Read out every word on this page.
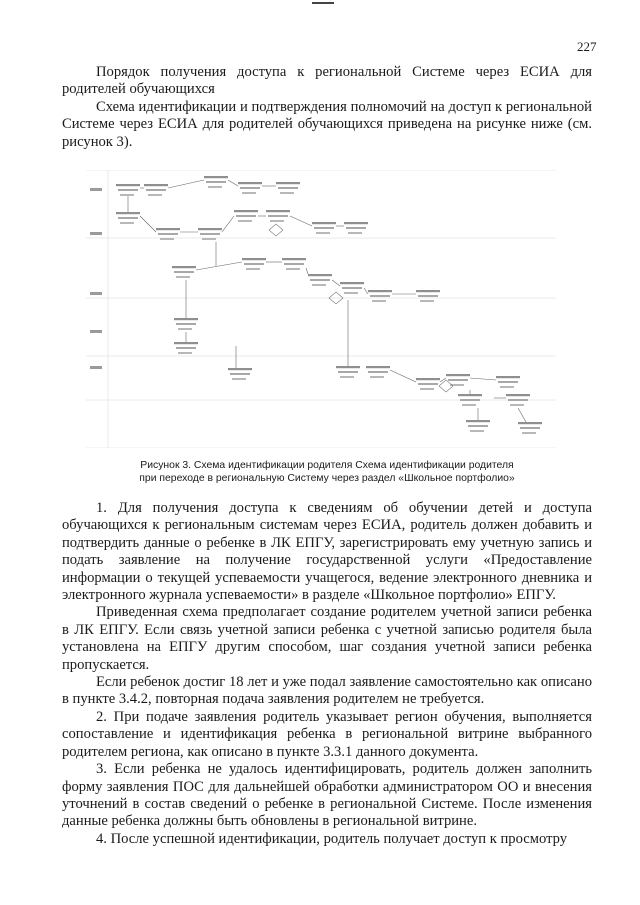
227

Порядок получения доступа к региональной Системе через ЕСИА для родителей обучающихся

Схема идентификации и подтверждения полномочий на доступ к региональной Системе через ЕСИА для родителей обучающихся приведена на рисунке ниже (см. рисунок 3).

Рисунок 3. Схема идентификации родителя Схема идентификации родителя
при переходе в региональную Систему через раздел «Школьное портфолио»

1. Для получения доступа к сведениям об обучении детей и доступа обучающихся к региональным системам через ЕСИА, родитель должен добавить и подтвердить данные о ребенке в ЛК ЕПГУ, зарегистрировать ему учетную запись и подать заявление на получение государственной услуги «Предоставление информации о текущей успеваемости учащегося, ведение электронного дневника и электронного журнала успеваемости» в разделе «Школьное портфолио» ЕПГУ.

Приведенная схема предполагает создание родителем учетной записи ребенка в ЛК ЕПГУ. Если связь учетной записи ребенка с учетной записью родителя была установлена на ЕПГУ другим способом, шаг создания учетной записи ребенка пропускается.

Если ребенок достиг 18 лет и уже подал заявление самостоятельно как описано в пункте 3.4.2, повторная подача заявления родителем не требуется.

2. При подаче заявления родитель указывает регион обучения, выполняется сопоставление и идентификация ребенка в региональной витрине выбранного родителем региона, как описано в пункте 3.3.1 данного документа.

3. Если ребенка не удалось идентифицировать, родитель должен заполнить форму заявления ПОС для дальнейшей обработки администратором ОО и внесения уточнений в состав сведений о ребенке в региональной Системе. После изменения данные ребенка должны быть обновлены в региональной витрине.

4. После успешной идентификации, родитель получает доступ к просмотру
